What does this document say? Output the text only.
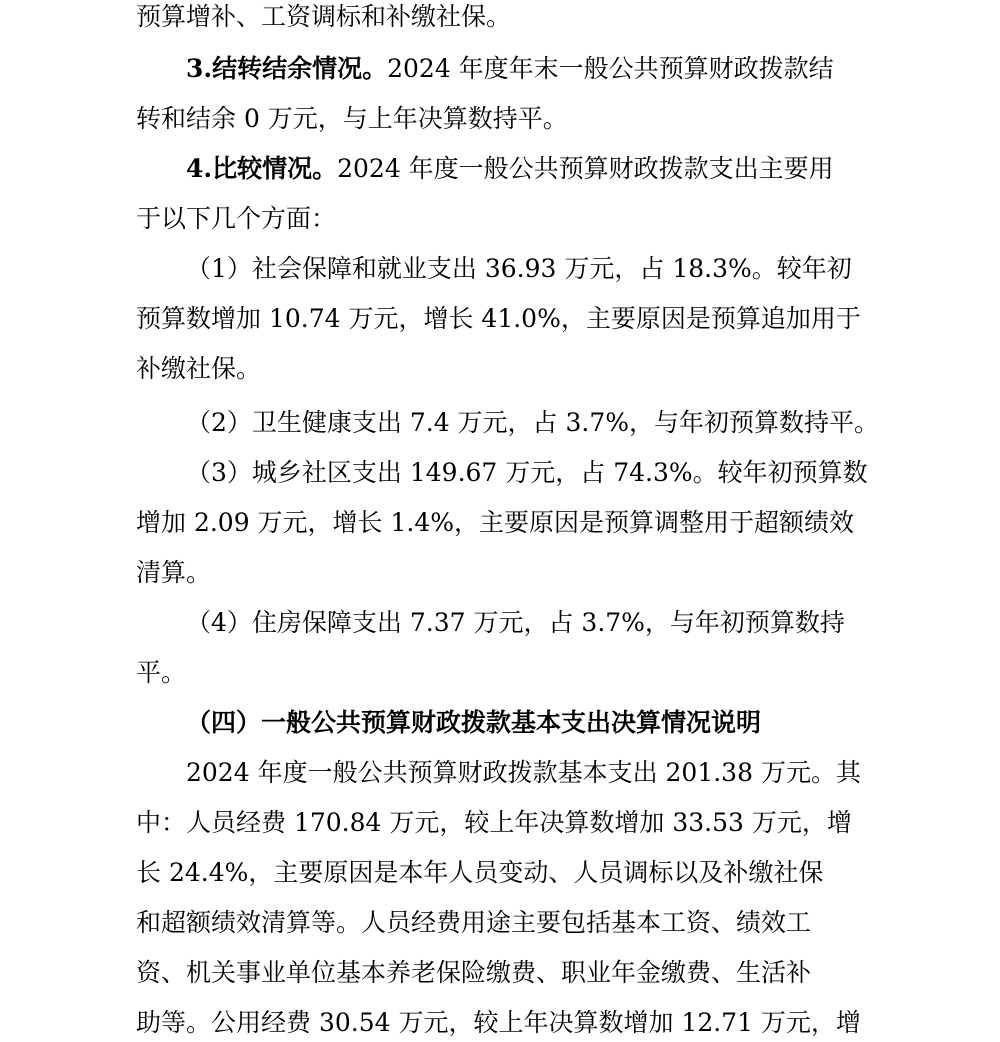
预算增补、工资调标和补缴社保。
3.结转结余情况。2024 年度年末一般公共预算财政拨款结
转和结余 0 万元，与上年决算数持平。
4.比较情况。2024 年度一般公共预算财政拨款支出主要用
于以下几个方面：
（1）社会保障和就业支出 36.93 万元，占 18.3%。较年初
预算数增加 10.74 万元，增长 41.0%，主要原因是预算追加用于
补缴社保。
（2）卫生健康支出 7.4 万元，占 3.7%，与年初预算数持平。
（3）城乡社区支出 149.67 万元，占 74.3%。较年初预算数
增加 2.09 万元，增长 1.4%，主要原因是预算调整用于超额绩效
清算。
（4）住房保障支出 7.37 万元，占 3.7%，与年初预算数持
平。
（四）一般公共预算财政拨款基本支出决算情况说明
2024 年度一般公共预算财政拨款基本支出 201.38 万元。其
中：人员经费 170.84 万元，较上年决算数增加 33.53 万元，增
长 24.4%，主要原因是本年人员变动、人员调标以及补缴社保
和超额绩效清算等。人员经费用途主要包括基本工资、绩效工
资、机关事业单位基本养老保险缴费、职业年金缴费、生活补
助等。公用经费 30.54 万元，较上年决算数增加 12.71 万元，增
